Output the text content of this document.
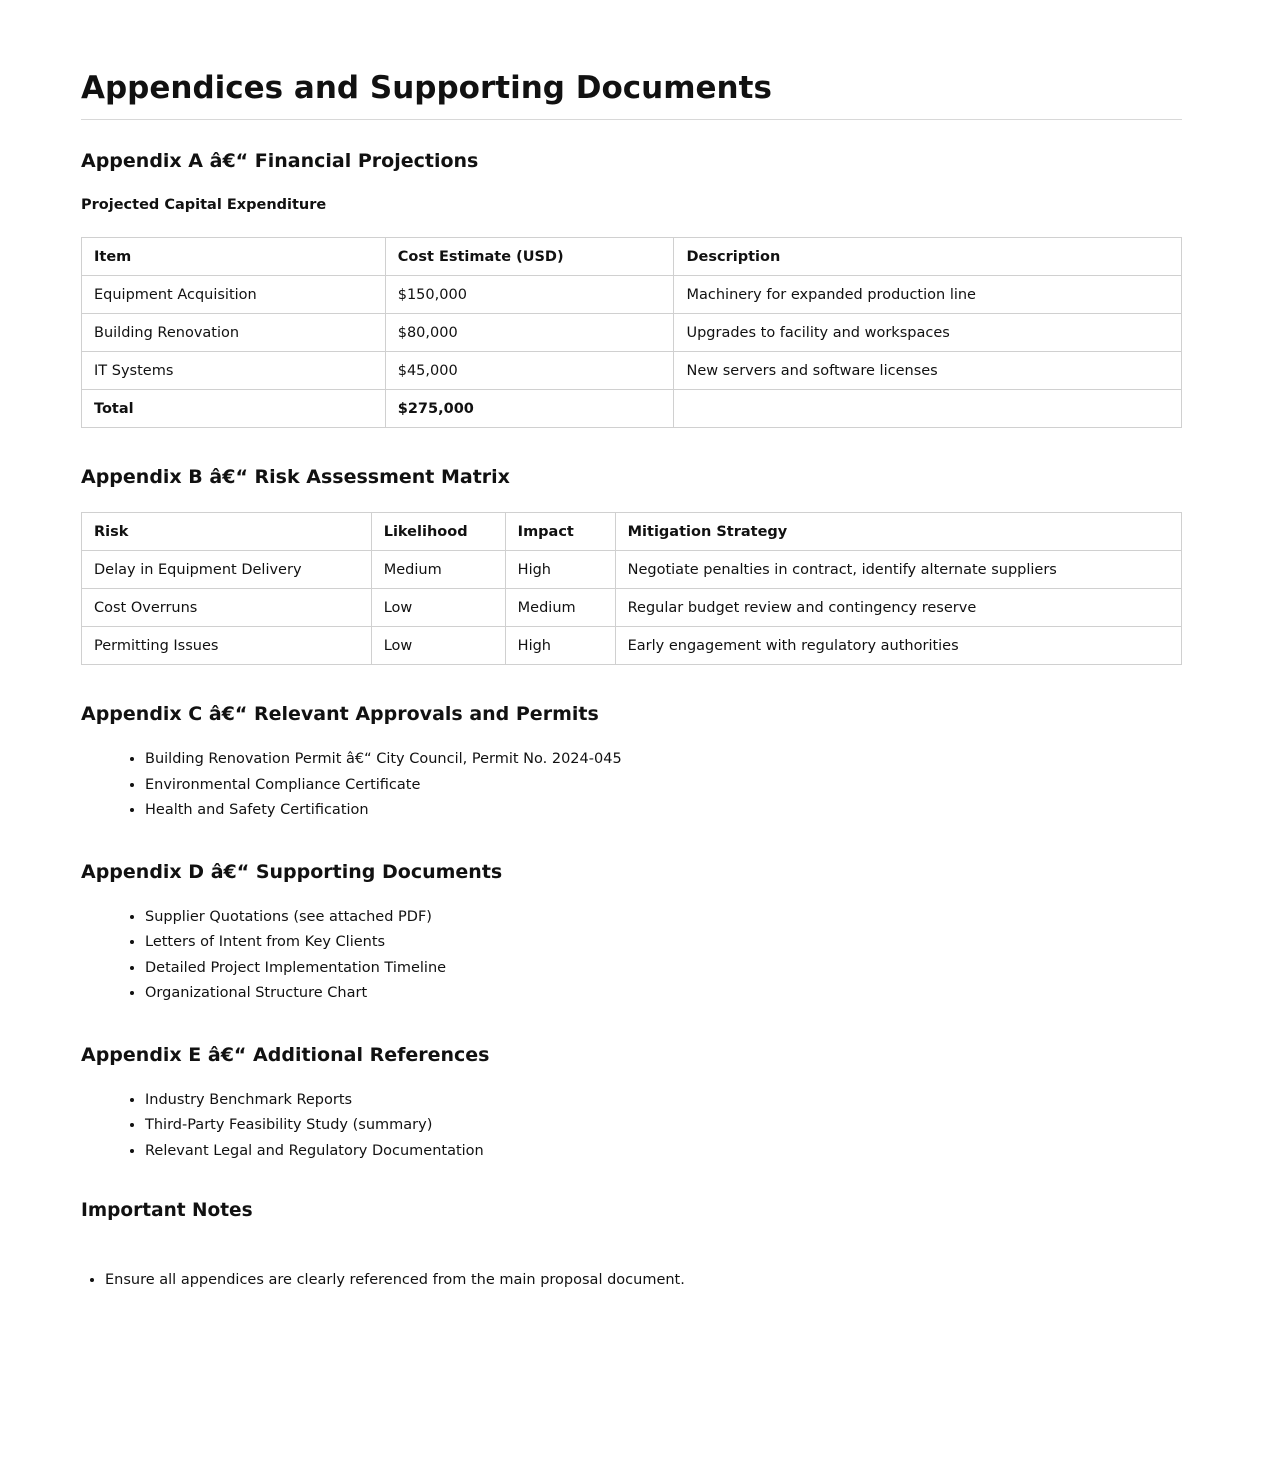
Appendices and Supporting Documents
Appendix A â€“ Financial Projections
Projected Capital Expenditure
Item	Cost Estimate (USD)	Description
Equipment Acquisition	$150,000	Machinery for expanded production line
Building Renovation	$80,000	Upgrades to facility and workspaces
IT Systems	$45,000	New servers and software licenses
Total	$275,000	
Appendix B â€“ Risk Assessment Matrix
Risk	Likelihood	Impact	Mitigation Strategy
Delay in Equipment Delivery	Medium	High	Negotiate penalties in contract, identify alternate suppliers
Cost Overruns	Low	Medium	Regular budget review and contingency reserve
Permitting Issues	Low	High	Early engagement with regulatory authorities
Appendix C â€“ Relevant Approvals and Permits
• Building Renovation Permit â€“ City Council, Permit No. 2024-045
• Environmental Compliance Certificate
• Health and Safety Certification
Appendix D â€“ Supporting Documents
• Supplier Quotations (see attached PDF)
• Letters of Intent from Key Clients
• Detailed Project Implementation Timeline
• Organizational Structure Chart
Appendix E â€“ Additional References
• Industry Benchmark Reports
• Third-Party Feasibility Study (summary)
• Relevant Legal and Regulatory Documentation
Important Notes
• Ensure all appendices are clearly referenced from the main proposal document.
